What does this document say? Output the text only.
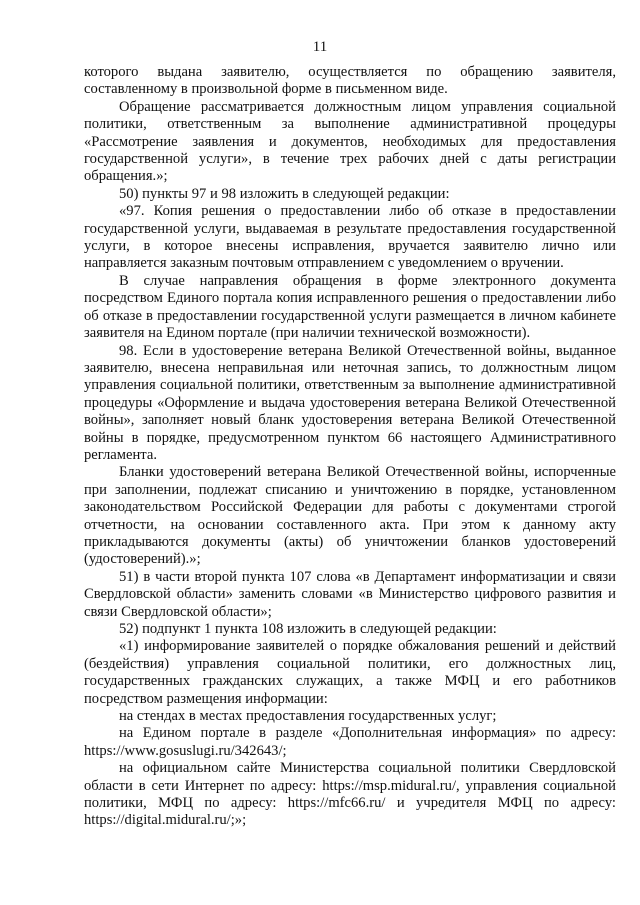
11

которого выдана заявителю, осуществляется по обращению заявителя, составленному в произвольной форме в письменном виде.

Обращение рассматривается должностным лицом управления социальной политики, ответственным за выполнение административной процедуры «Рассмотрение заявления и документов, необходимых для предоставления государственной услуги», в течение трех рабочих дней с даты регистрации обращения.»;

50) пункты 97 и 98 изложить в следующей редакции:

«97. Копия решения о предоставлении либо об отказе в предоставлении государственной услуги, выдаваемая в результате предоставления государственной услуги, в которое внесены исправления, вручается заявителю лично или направляется заказным почтовым отправлением с уведомлением о вручении.

В случае направления обращения в форме электронного документа посредством Единого портала копия исправленного решения о предоставлении либо об отказе в предоставлении государственной услуги размещается в личном кабинете заявителя на Едином портале (при наличии технической возможности).

98. Если в удостоверение ветерана Великой Отечественной войны, выданное заявителю, внесена неправильная или неточная запись, то должностным лицом управления социальной политики, ответственным за выполнение административной процедуры «Оформление и выдача удостоверения ветерана Великой Отечественной войны», заполняет новый бланк удостоверения ветерана Великой Отечественной войны в порядке, предусмотренном пунктом 66 настоящего Административного регламента.

Бланки удостоверений ветерана Великой Отечественной войны, испорченные при заполнении, подлежат списанию и уничтожению в порядке, установленном законодательством Российской Федерации для работы с документами строгой отчетности, на основании составленного акта. При этом к данному акту прикладываются документы (акты) об уничтожении бланков удостоверений (удостоверений).»;

51) в части второй пункта 107 слова «в Департамент информатизации и связи Свердловской области» заменить словами «в Министерство цифрового развития и связи Свердловской области»;

52) подпункт 1 пункта 108 изложить в следующей редакции:

«1) информирование заявителей о порядке обжалования решений и действий (бездействия) управления социальной политики, его должностных лиц, государственных гражданских служащих, а также МФЦ и его работников посредством размещения информации:

на стендах в местах предоставления государственных услуг;

на Едином портале в разделе «Дополнительная информация» по адресу: https://www.gosuslugi.ru/342643/;

на официальном сайте Министерства социальной политики Свердловской области в сети Интернет по адресу: https://msp.midural.ru/, управления социальной политики, МФЦ по адресу: https://mfc66.ru/ и учредителя МФЦ по адресу: https://digital.midural.ru/;»;
